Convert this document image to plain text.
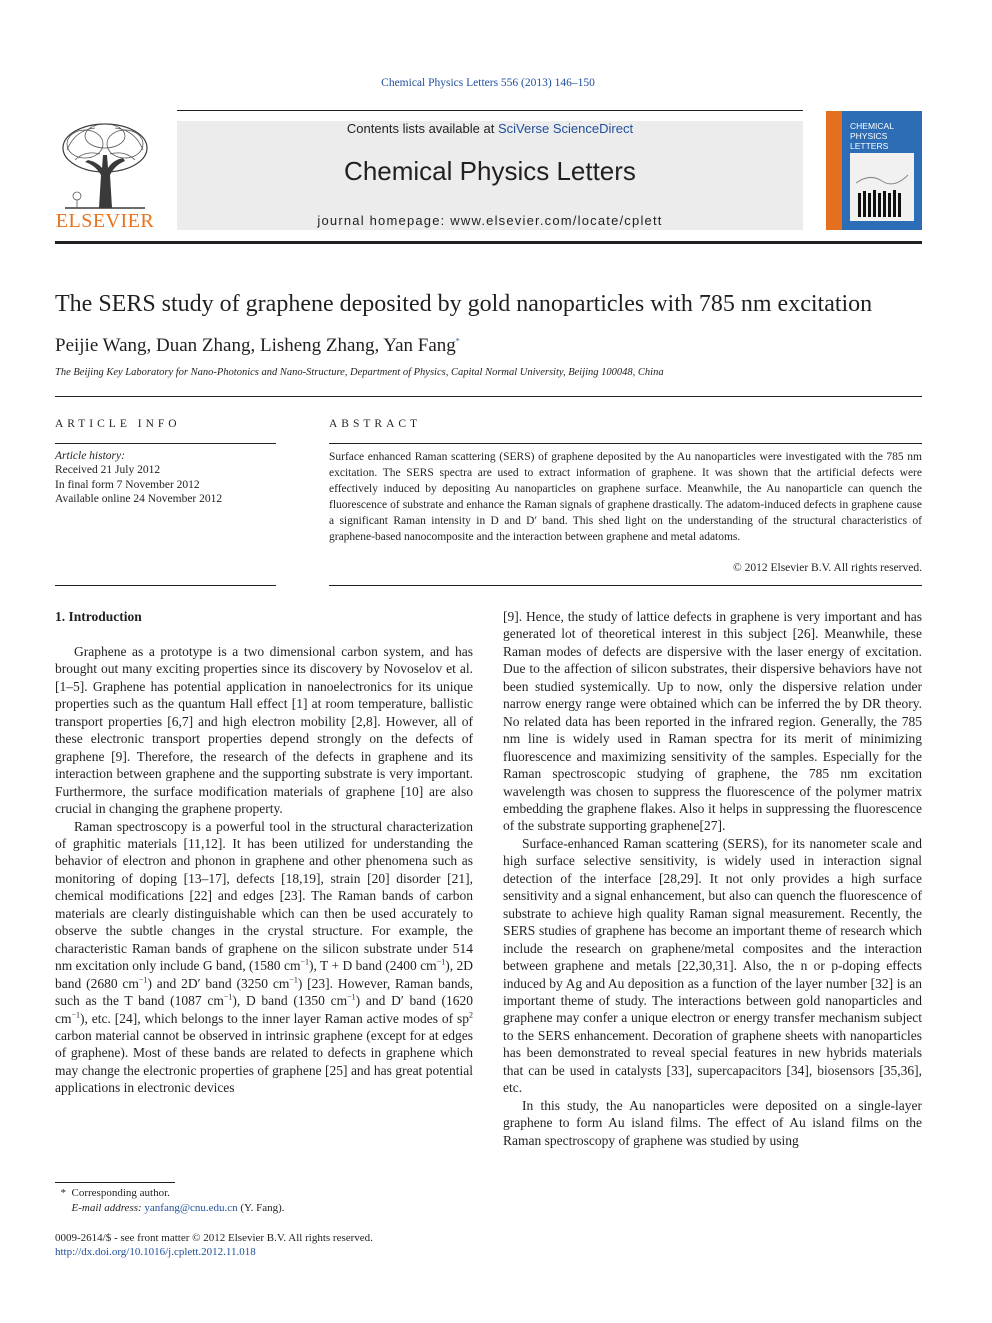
Chemical Physics Letters 556 (2013) 146–150
ELSEVIER
Contents lists available at SciVerse ScienceDirect
Chemical Physics Letters
journal homepage: www.elsevier.com/locate/cplett
CHEMICAL
PHYSICS
LETTERS
The SERS study of graphene deposited by gold nanoparticles with 785 nm excitation
Peijie Wang, Duan Zhang, Lisheng Zhang, Yan Fang*
The Beijing Key Laboratory for Nano-Photonics and Nano-Structure, Department of Physics, Capital Normal University, Beijing 100048, China
ARTICLE INFO	ABSTRACT
Article history:
Received 21 July 2012
In final form 7 November 2012
Available online 24 November 2012
Surface enhanced Raman scattering (SERS) of graphene deposited by the Au nanoparticles were investigated with the 785 nm excitation. The SERS spectra are used to extract information of graphene. It was shown that the artificial defects were effectively induced by depositing Au nanoparticles on graphene surface. Meanwhile, the Au nanoparticle can quench the fluorescence of substrate and enhance the Raman signals of graphene drastically. The adatom-induced defects in graphene cause a significant Raman intensity in D and D′ band. This shed light on the understanding of the structural characteristics of graphene-based nanocomposite and the interaction between graphene and metal adatoms.
© 2012 Elsevier B.V. All rights reserved.
1. Introduction

Graphene as a prototype is a two dimensional carbon system, and has brought out many exciting properties since its discovery by Novoselov et al. [1–5]. Graphene has potential application in nanoelectronics for its unique properties such as the quantum Hall effect [1] at room temperature, ballistic transport properties [6,7] and high electron mobility [2,8]. However, all of these electronic transport properties depend strongly on the defects of graphene [9]. Therefore, the research of the defects in graphene and its interaction between graphene and the supporting substrate is very important. Furthermore, the surface modification materials of graphene [10] are also crucial in changing the graphene property.

Raman spectroscopy is a powerful tool in the structural characterization of graphitic materials [11,12]. It has been utilized for understanding the behavior of electron and phonon in graphene and other phenomena such as monitoring of doping [13–17], defects [18,19], strain [20] disorder [21], chemical modifications [22] and edges [23]. The Raman bands of carbon materials are clearly distinguishable which can then be used accurately to observe the subtle changes in the crystal structure. For example, the characteristic Raman bands of graphene on the silicon substrate under 514 nm excitation only include G band, (1580 $cm^{-1}$), T + D band (2400 $cm^{-1}$), 2D band (2680 $cm^{-1}$) and 2D′ band (3250 $cm^{-1}$) [23]. However, Raman bands, such as the T band (1087 $cm^{-1}$), D band (1350 $cm^{-1}$) and D′ band (1620 $cm^{-1}$), etc. [24], which belongs to the inner layer Raman active modes of $sp^2$ carbon material cannot be observed in intrinsic graphene (except for at edges of graphene). Most of these bands are related to defects in graphene which may change the electronic properties of graphene [25] and has great potential applications in electronic devices

[9]. Hence, the study of lattice defects in graphene is very important and has generated lot of theoretical interest in this subject [26]. Meanwhile, these Raman modes of defects are dispersive with the laser energy of excitation. Due to the affection of silicon substrates, their dispersive behaviors have not been studied systemically. Up to now, only the dispersive relation under narrow energy range were obtained which can be inferred the by DR theory. No related data has been reported in the infrared region. Generally, the 785 nm line is widely used in Raman spectra for its merit of minimizing fluorescence and maximizing sensitivity of the samples. Especially for the Raman spectroscopic studying of graphene, the 785 nm excitation wavelength was chosen to suppress the fluorescence of the polymer matrix embedding the graphene flakes. Also it helps in suppressing the fluorescence of the substrate supporting graphene[27].

Surface-enhanced Raman scattering (SERS), for its nanometer scale and high surface selective sensitivity, is widely used in interaction signal detection of the interface [28,29]. It not only provides a high surface sensitivity and a signal enhancement, but also can quench the fluorescence of substrate to achieve high quality Raman signal measurement. Recently, the SERS studies of graphene has become an important theme of research which include the research on graphene/metal composites and the interaction between graphene and metals [22,30,31]. Also, the n or p-doping effects induced by Ag and Au deposition as a function of the layer number [32] is an important theme of study. The interactions between gold nanoparticles and graphene may confer a unique electron or energy transfer mechanism subject to the SERS enhancement. Decoration of graphene sheets with nanoparticles has been demonstrated to reveal special features in new hybrids materials that can be used in catalysts [33], supercapacitors [34], biosensors [35,36], etc.

In this study, the Au nanoparticles were deposited on a single-layer graphene to form Au island films. The effect of Au island films on the Raman spectroscopy of graphene was studied by using

* Corresponding author.
E-mail address: yanfang@cnu.edu.cn (Y. Fang).
0009-2614/$ - see front matter © 2012 Elsevier B.V. All rights reserved.
http://dx.doi.org/10.1016/j.cplett.2012.11.018
